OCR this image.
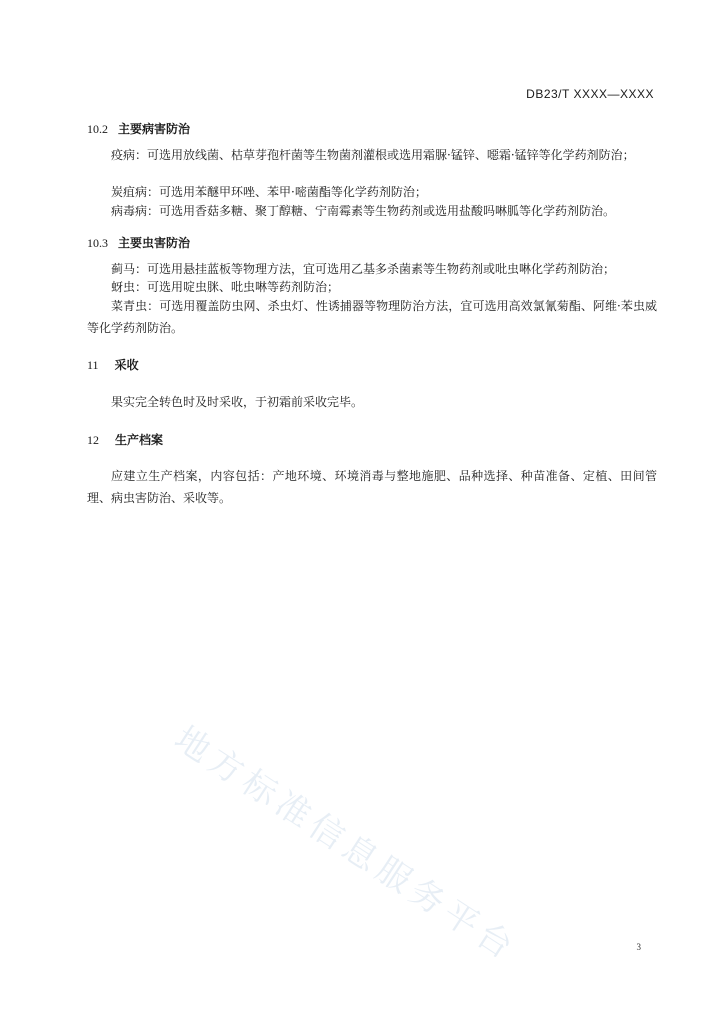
DB23/T XXXX—XXXX
10.2 主要病害防治
疫病：可选用放线菌、枯草芽孢杆菌等生物菌剂灌根或选用霜脲·锰锌、噁霜·锰锌等化学药剂防治；
炭疽病：可选用苯醚甲环唑、苯甲·嘧菌酯等化学药剂防治；
病毒病：可选用香菇多糖、聚丁醇糖、宁南霉素等生物药剂或选用盐酸吗啉胍等化学药剂防治。
10.3 主要虫害防治
蓟马：可选用悬挂蓝板等物理方法，宜可选用乙基多杀菌素等生物药剂或吡虫啉化学药剂防治；
蚜虫：可选用啶虫脒、吡虫啉等药剂防治；
菜青虫：可选用覆盖防虫网、杀虫灯、性诱捕器等物理防治方法，宜可选用高效氯氰菊酯、阿维·苯虫威等化学药剂防治。
11 采收
果实完全转色时及时采收，于初霜前采收完毕。
12 生产档案
应建立生产档案，内容包括：产地环境、环境消毒与整地施肥、品种选择、种苗准备、定植、田间管理、病虫害防治、采收等。
地方标准信息服务平台	3
